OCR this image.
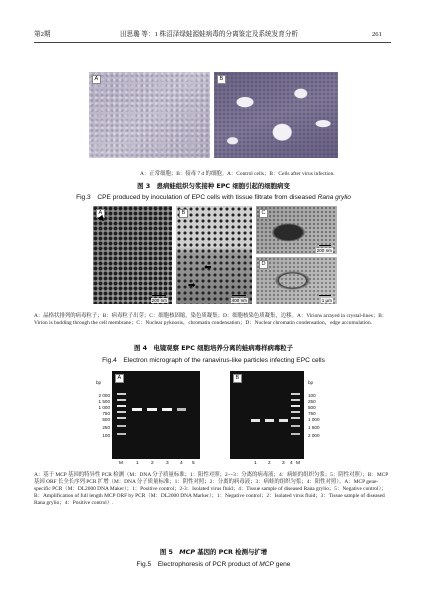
第2期	田思璐 等：1 株沼泽绿蛙源蛙病毒的分离鉴定及系统发育分析	261
A	B
A：正常细胞；B：接毒 7 d 的细胞。A：Control cells；B：Cells after virus infection.
图 3　患病蛙组织匀浆接种 EPC 细胞引起的细胞病变
Fig.3　CPE produced by inoculation of EPC cells with tissue filtrate from diseased Rana grylio
A
200 nm
B
⬅
➡
400 nm
C
200 nm
D
1 μm
A：晶格状排列的病毒粒子；B：病毒粒子出芽；C：细胞核固缩，染色质凝集；D：细胞核染色质凝集，边移。A：Virions arrayed in crystal-lines；B：Virion is budding through the cell membrane；C：Nuclear pyknosis，chromatin condensation；D：Nuclear chromatin condensation，edge accumulation.
图 4　电镜观察 EPC 细胞培养分离的蛙病毒样病毒粒子
Fig.4　Electron micrograph of the ranavirus-like particles infecting EPC cells
bp
2 000
1 500
1 000
750
500
250
100
A
M	1	2	3 4 5
B
1 2 3 4 M
bp
100
250
500
750
1 000
1 500
2 000
A：基于 MCP 基因的特异性 PCR 检测（M：DNA 分子质量标准；1：阳性对照；2—3：分离的病毒液；4：病蛙的组织匀浆；5：阴性对照）；B：MCP 基因 ORF 长全长序列 PCR 扩增（M：DNA 分子质量标准；1：阴性对照；2：分离的病毒液；3：病蛙的组织匀浆；4：阳性对照）。A：MCP gene-specific PCR（M：DL2000 DNA Maker）；1：Positive control；2-3：Isolated virus fluid；4：Tissue sample of diseased Rana grylio；5：Negative control）；B：Amplification of full length MCP ORF by PCR（M：DL2000 DNA Marker）；1：Negative control；2：Isolated virus fluid；3：Tissue sample of diseased Rana grylio；4：Positive control）.
图 5　MCP 基因的 PCR 检测与扩增
Fig.5　Electrophoresis of PCR product of MCP gene
